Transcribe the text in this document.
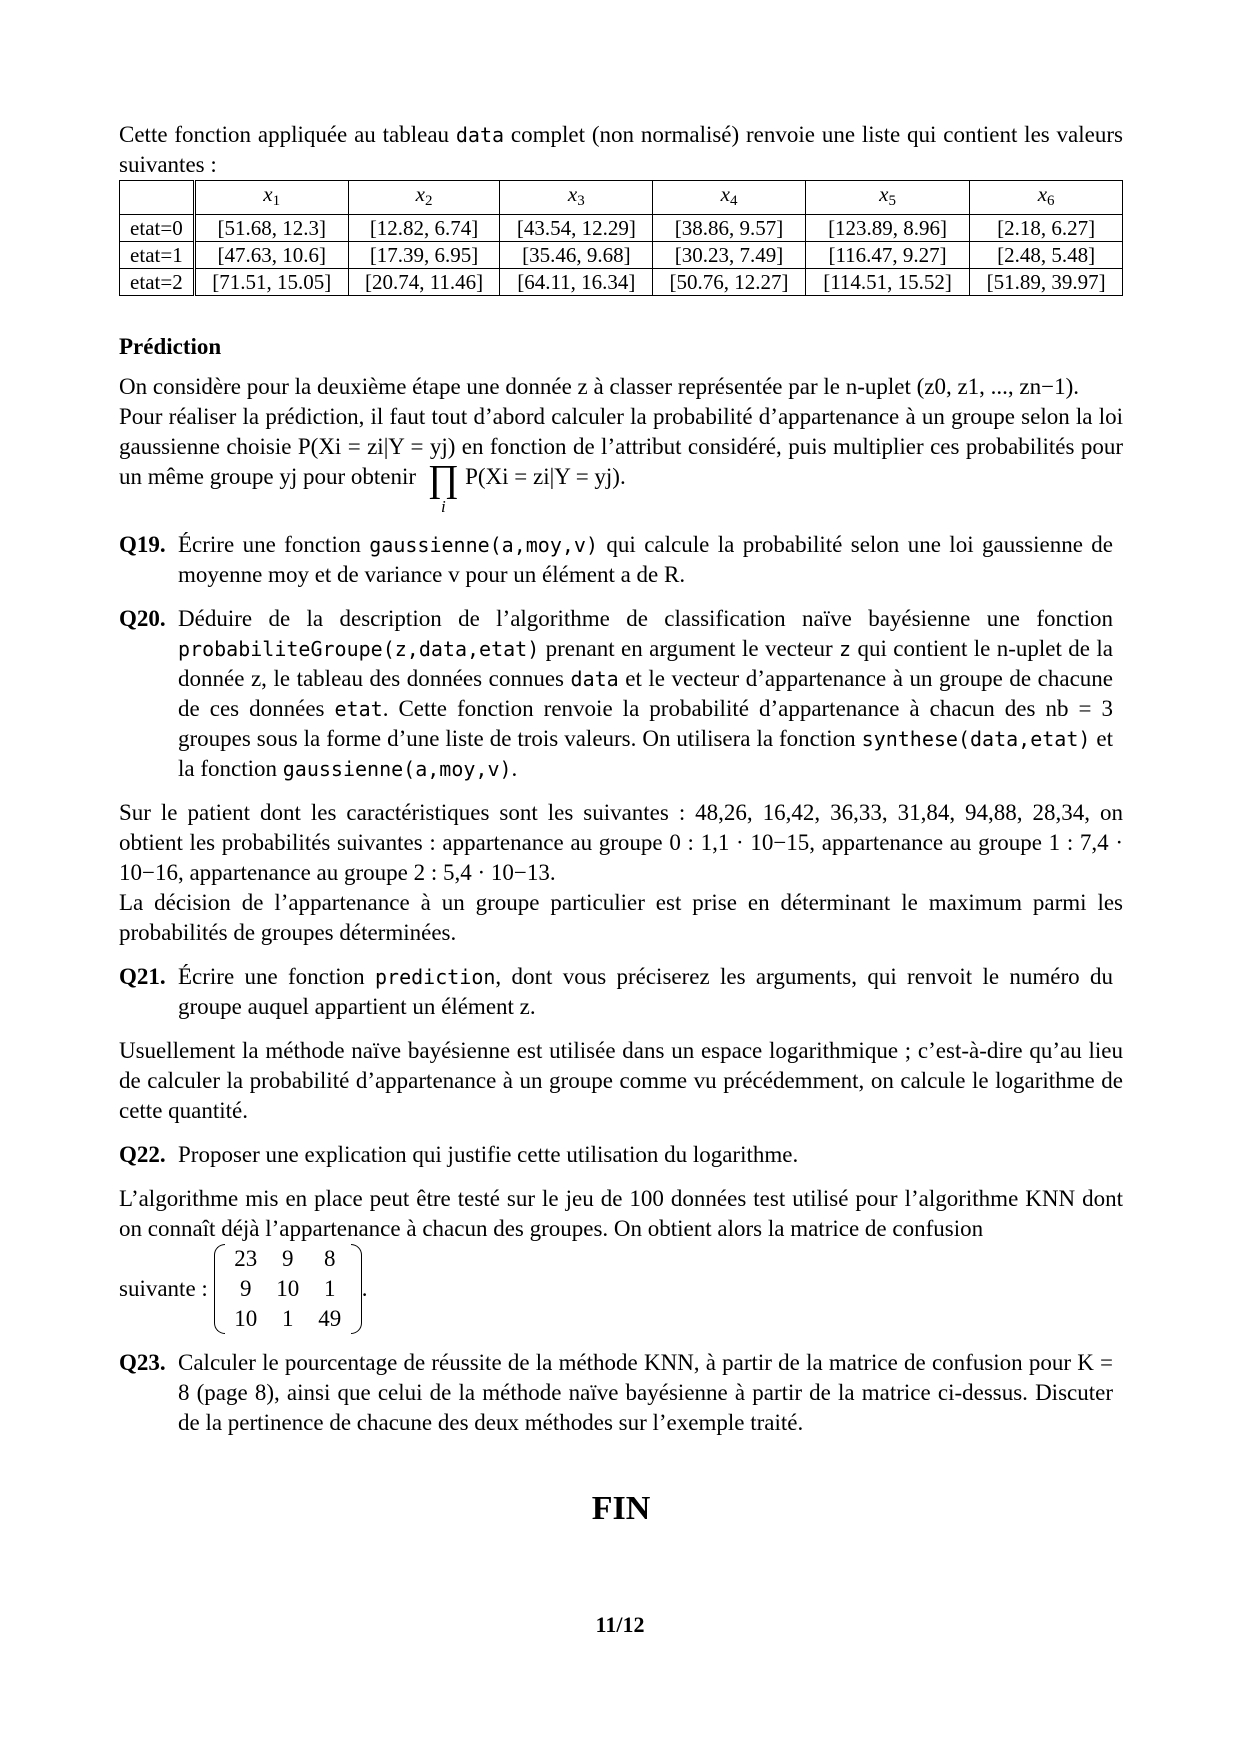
Cette fonction appliquée au tableau data complet (non normalisé) renvoie une liste qui contient les valeurs suivantes :

	$x_1$	$x_2$	$x_3$	$x_4$	$x_5$	$x_6$
etat=0	[51.68, 12.3]	[12.82, 6.74]	[43.54, 12.29]	[38.86, 9.57]	[123.89, 8.96]	[2.18, 6.27]
etat=1	[47.63, 10.6]	[17.39, 6.95]	[35.46, 9.68]	[30.23, 7.49]	[116.47, 9.27]	[2.48, 5.48]
etat=2	[71.51, 15.05]	[20.74, 11.46]	[64.11, 16.34]	[50.76, 12.27]	[114.51, 15.52]	[51.89, 39.97]
Prédiction

On considère pour la deuxième étape une donnée z à classer représentée par le n-uplet (z0, z1, ..., zn−1).

Pour réaliser la prédiction, il faut tout d’abord calculer la probabilité d’appartenance à un groupe selon la loi gaussienne choisie P(Xi = zi|Y = yj) en fonction de l’attribut considéré, puis multiplier ces probabilités pour un même groupe yj pour obtenir ∏
i
P(Xi = zi|Y = yj).

Q19. Écrire une fonction gaussienne(a,moy,v) qui calcule la probabilité selon une loi gaussienne de moyenne moy et de variance v pour un élément a de R.
Q20. Déduire de la description de l’algorithme de classification naïve bayésienne une fonction probabiliteGroupe(z,data,etat) prenant en argument le vecteur z qui contient le n-uplet de la donnée z, le tableau des données connues data et le vecteur d’appartenance à un groupe de chacune de ces données etat. Cette fonction renvoie la probabilité d’appartenance à chacun des nb = 3 groupes sous la forme d’une liste de trois valeurs. On utilisera la fonction synthese(data,etat) et la fonction gaussienne(a,moy,v).

Sur le patient dont les caractéristiques sont les suivantes : 48,26, 16,42, 36,33, 31,84, 94,88, 28,34, on obtient les probabilités suivantes : appartenance au groupe 0 : 1,1 · 10−15, appartenance au groupe 1 : 7,4 · 10−16, appartenance au groupe 2 : 5,4 · 10−13.

La décision de l’appartenance à un groupe particulier est prise en déterminant le maximum parmi les probabilités de groupes déterminées.

Q21. Écrire une fonction prediction, dont vous préciserez les arguments, qui renvoit le numéro du groupe auquel appartient un élément z.

Usuellement la méthode naïve bayésienne est utilisée dans un espace logarithmique ; c’est-à-dire qu’au lieu de calculer la probabilité d’appartenance à un groupe comme vu précédemment, on calcule le logarithme de cette quantité.

Q22. Proposer une explication qui justifie cette utilisation du logarithme.

L’algorithme mis en place peut être testé sur le jeu de 100 données test utilisé pour l’algorithme KNN dont on connaît déjà l’appartenance à chacun des groupes. On obtient alors la matrice de confusion

suivante :
23	9	8
9	10	1
10	1	49
.
Q23. Calculer le pourcentage de réussite de la méthode KNN, à partir de la matrice de confusion pour K = 8 (page 8), ainsi que celui de la méthode naïve bayésienne à partir de la matrice ci-dessus. Discuter de la pertinence de chacune des deux méthodes sur l’exemple traité.
FIN
11/12
